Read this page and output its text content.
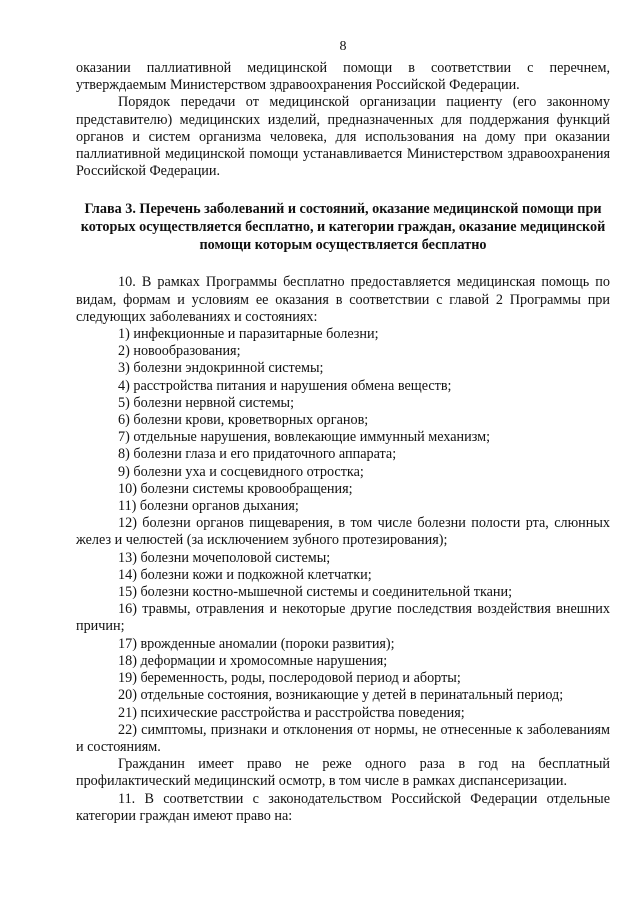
8

оказании паллиативной медицинской помощи в соответствии с перечнем, утверждаемым Министерством здравоохранения Российской Федерации.

Порядок передачи от медицинской организации пациенту (его законному представителю) медицинских изделий, предназначенных для поддержания функций органов и систем организма человека, для использования на дому при оказании паллиативной медицинской помощи устанавливается Министерством здравоохранения Российской Федерации.

Глава 3. Перечень заболеваний и состояний, оказание медицинской помощи при которых осуществляется бесплатно, и категории граждан, оказание медицинской помощи которым осуществляется бесплатно

10. В рамках Программы бесплатно предоставляется медицинская помощь по видам, формам и условиям ее оказания в соответствии с главой 2 Программы при следующих заболеваниях и состояниях:

1) инфекционные и паразитарные болезни;
2) новообразования;
3) болезни эндокринной системы;
4) расстройства питания и нарушения обмена веществ;
5) болезни нервной системы;
6) болезни крови, кроветворных органов;
7) отдельные нарушения, вовлекающие иммунный механизм;
8) болезни глаза и его придаточного аппарата;
9) болезни уха и сосцевидного отростка;
10) болезни системы кровообращения;
11) болезни органов дыхания;
12) болезни органов пищеварения, в том числе болезни полости рта, слюнных желез и челюстей (за исключением зубного протезирования);
13) болезни мочеполовой системы;
14) болезни кожи и подкожной клетчатки;
15) болезни костно-мышечной системы и соединительной ткани;
16) травмы, отравления и некоторые другие последствия воздействия внешних причин;
17) врожденные аномалии (пороки развития);
18) деформации и хромосомные нарушения;
19) беременность, роды, послеродовой период и аборты;
20) отдельные состояния, возникающие у детей в перинатальный период;
21) психические расстройства и расстройства поведения;
22) симптомы, признаки и отклонения от нормы, не отнесенные к заболеваниям и состояниям.

Гражданин имеет право не реже одного раза в год на бесплатный профилактический медицинский осмотр, в том числе в рамках диспансеризации.

11. В соответствии с законодательством Российской Федерации отдельные категории граждан имеют право на:
